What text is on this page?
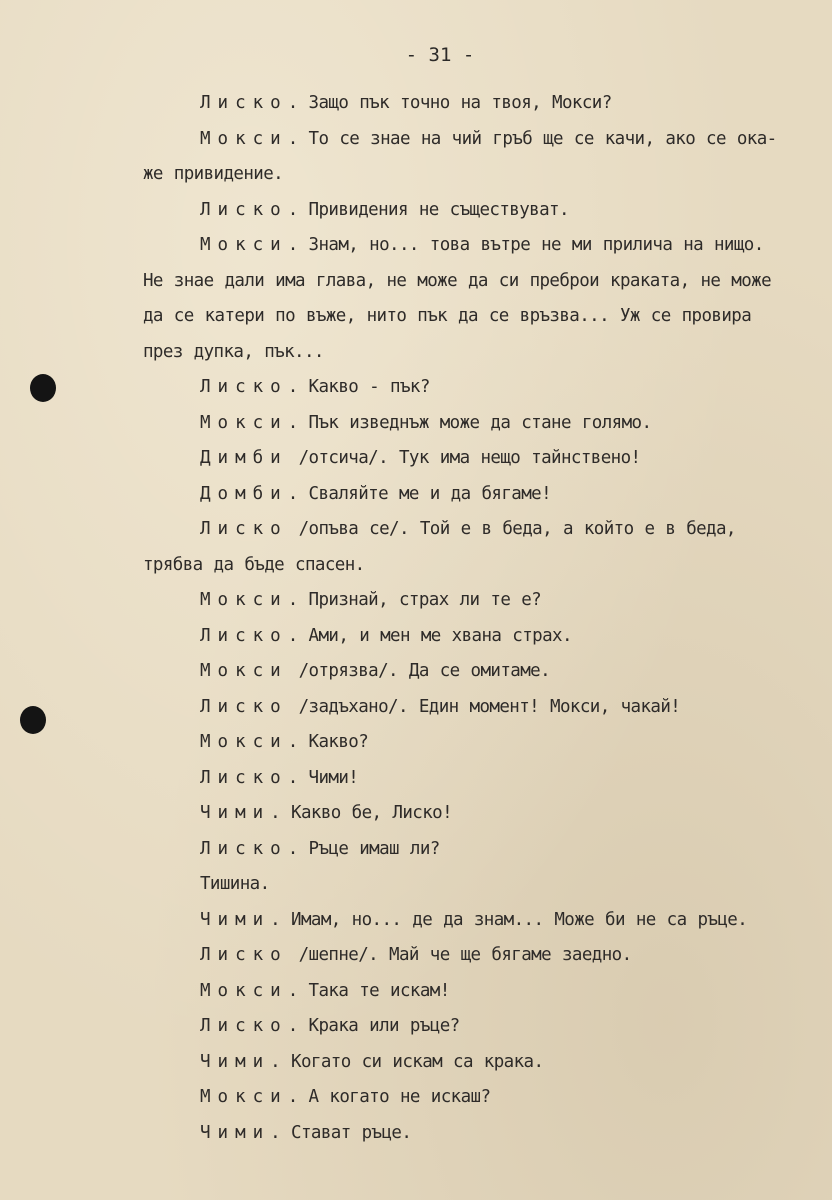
- 31 -
Лиско. Защо пък точно на твоя, Мокси?
Мокси. То се знае на чий гръб ще се качи, ако се ока-
же привидение.
Лиско. Привидения не съществуват.
Мокси. Знам, но... това вътре не ми прилича на нищо.
Не знае дали има глава, не може да си преброи краката, не може
да се катери по въже, нито пък да се връзва... Уж се провира
през дупка, пък...
Лиско. Какво - пък?
Мокси. Пък изведнъж може да стане голямо.
Димби /отсича/. Тук има нещо тайнствено!
Домби. Сваляйте ме и да бягаме!
Лиско /опъва се/. Той е в беда, а който е в беда,
трябва да бъде спасен.
Мокси. Признай, страх ли те е?
Лиско. Ами, и мен ме хвана страх.
Мокси /отрязва/. Да се омитаме.
Лиско /задъхано/. Един момент! Мокси, чакай!
Мокси. Какво?
Лиско. Чими!
Чими. Какво бе, Лиско!
Лиско. Ръце имаш ли?
Тишина.
Чими. Имам, но... де да знам... Може би не са ръце.
Лиско /шепне/. Май че ще бягаме заедно.
Мокси. Така те искам!
Лиско. Крака или ръце?
Чими. Когато си искам са крака.
Мокси. А когато не искаш?
Чими. Стават ръце.
